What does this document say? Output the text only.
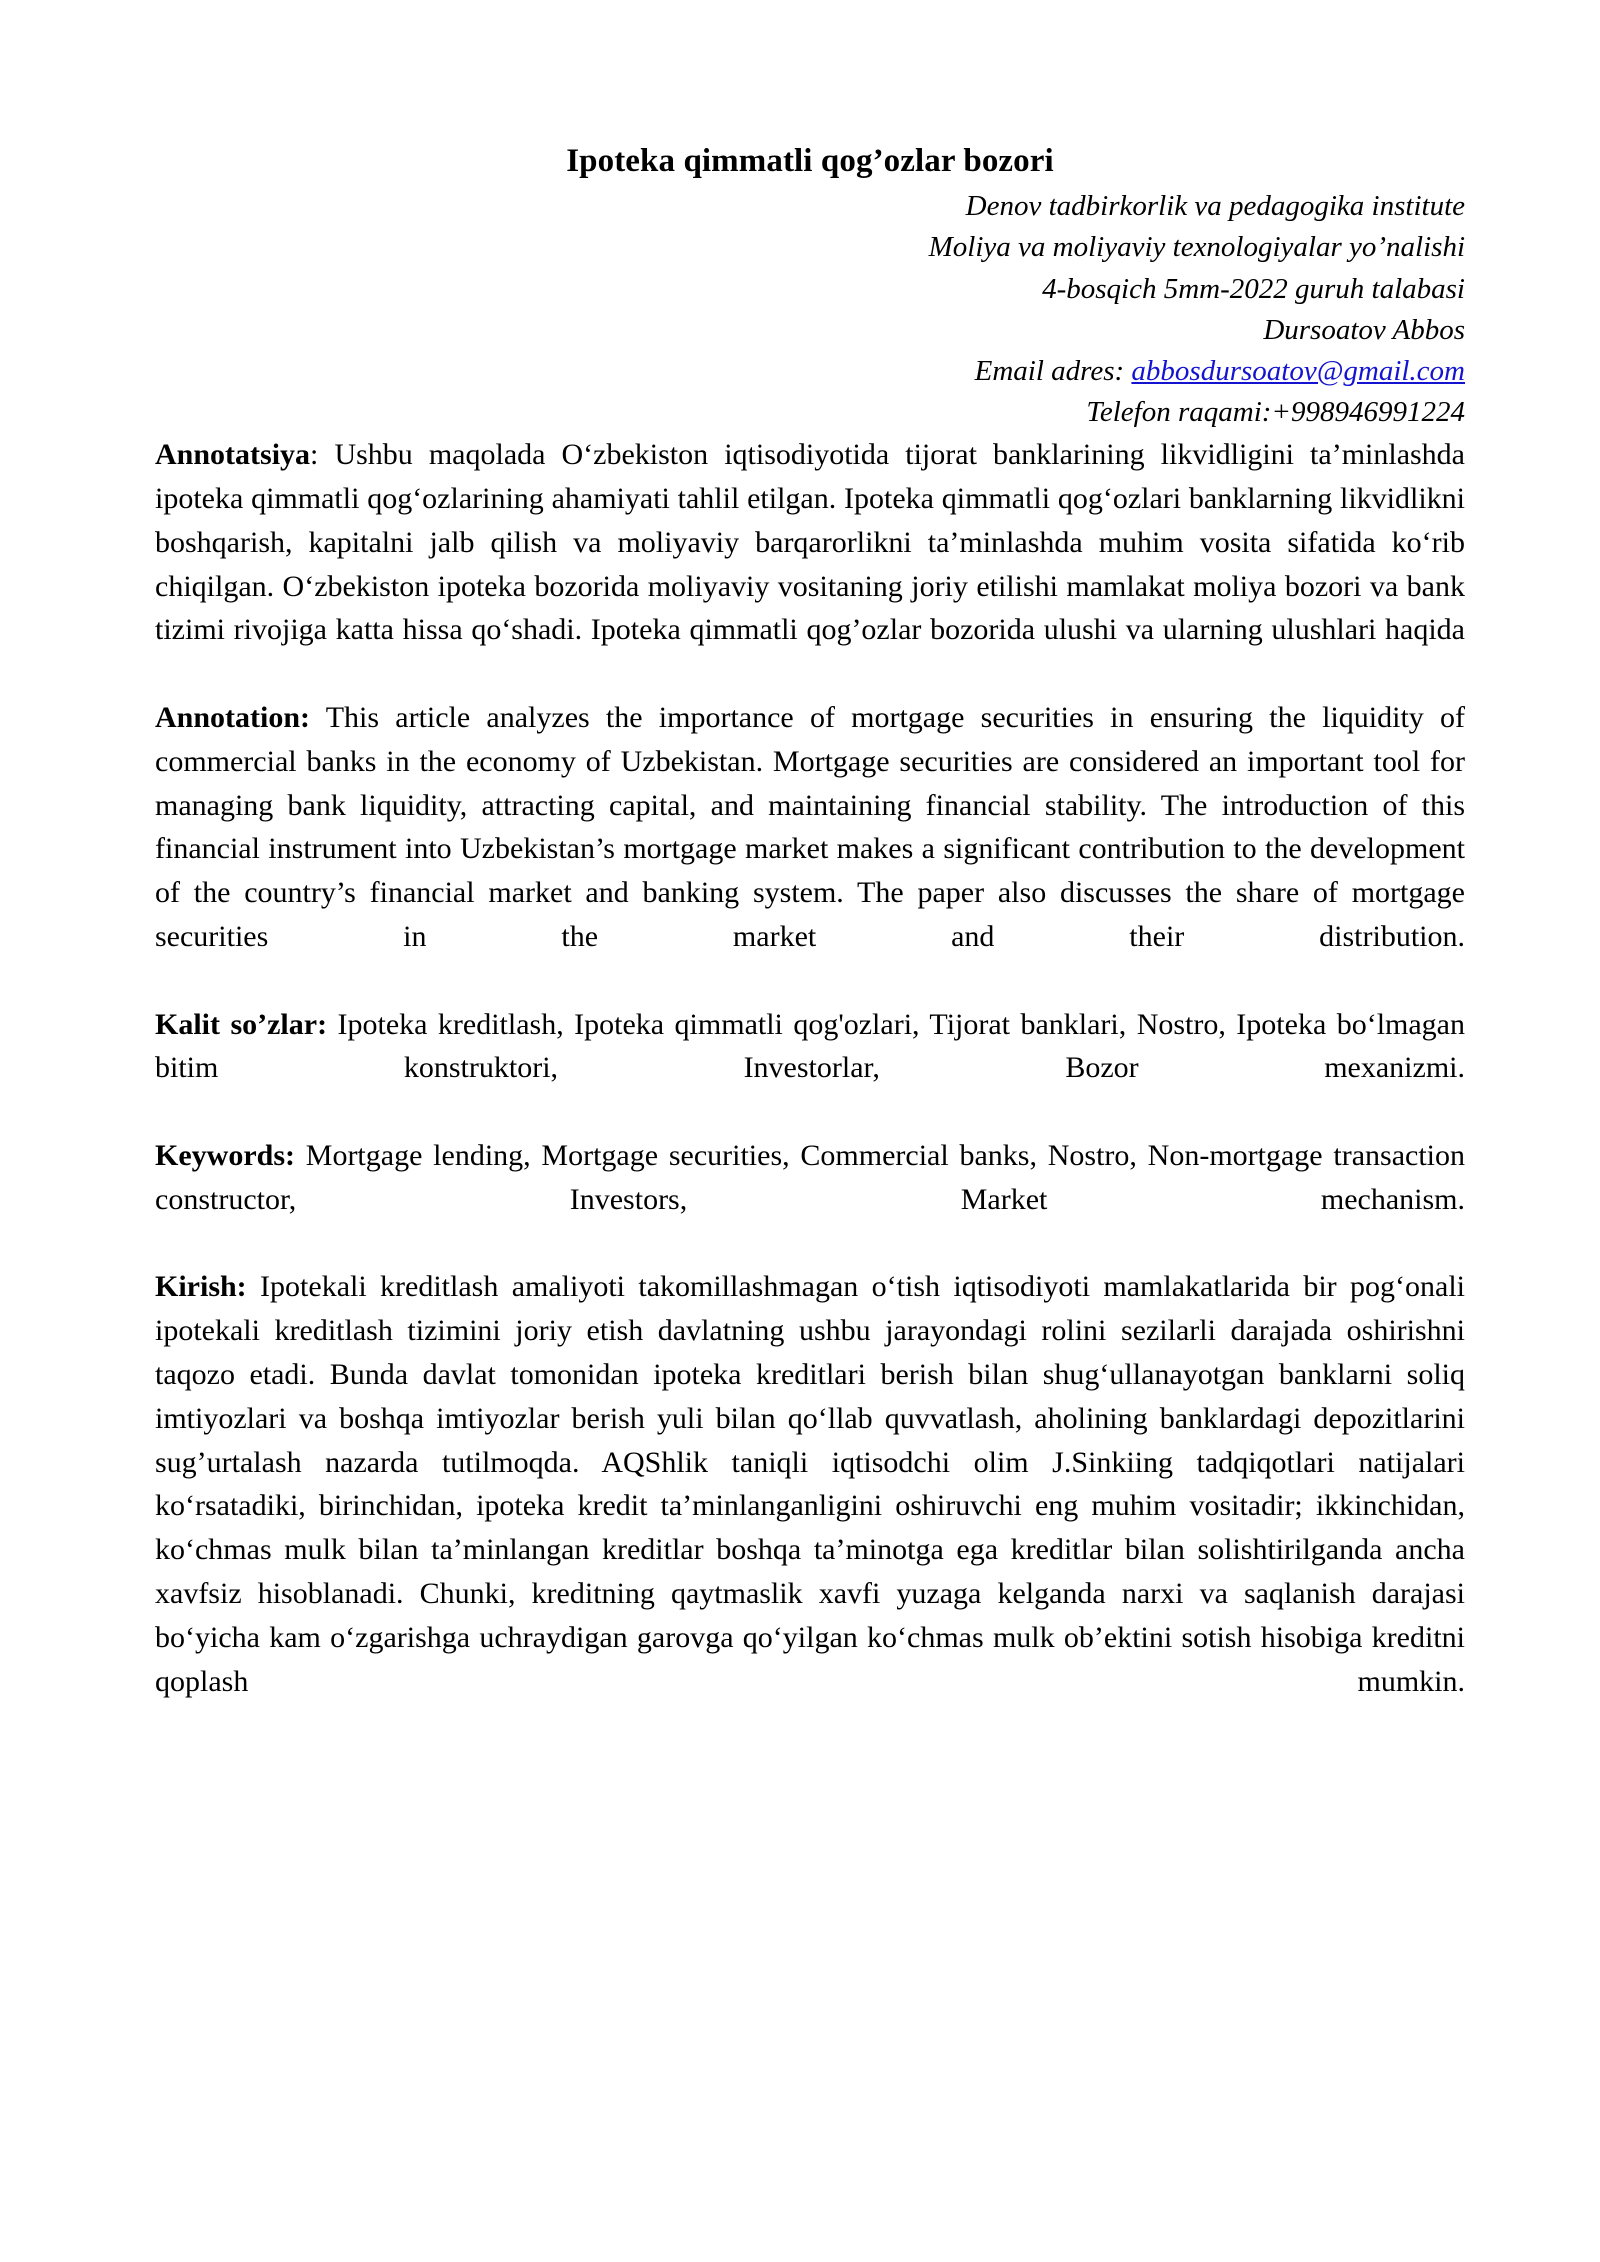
Ipoteka qimmatli qog’ozlar bozori
Denov tadbirkorlik va pedagogika institute
Moliya va moliyaviy texnologiyalar yo’nalishi
4-bosqich 5mm-2022 guruh talabasi
Dursoatov Abbos
Email adres: abbosdursoatov@gmail.com
Telefon raqami:+998946991224

Annotatsiya: Ushbu maqolada O‘zbekiston iqtisodiyotida tijorat banklarining likvidligini ta’minlashda ipoteka qimmatli qog‘ozlarining ahamiyati tahlil etilgan. Ipoteka qimmatli qog‘ozlari banklarning likvidlikni boshqarish, kapitalni jalb qilish va moliyaviy barqarorlikni ta’minlashda muhim vosita sifatida ko‘rib chiqilgan. O‘zbekiston ipoteka bozorida moliyaviy vositaning joriy etilishi mamlakat moliya bozori va bank tizimi rivojiga katta hissa qo‘shadi. Ipoteka qimmatli qog’ozlar bozorida ulushi va ularning ulushlari haqida

Annotation: This article analyzes the importance of mortgage securities in ensuring the liquidity of commercial banks in the economy of Uzbekistan. Mortgage securities are considered an important tool for managing bank liquidity, attracting capital, and maintaining financial stability. The introduction of this financial instrument into Uzbekistan’s mortgage market makes a significant contribution to the development of the country’s financial market and banking system. The paper also discusses the share of mortgage securities in the market and their distribution.

Kalit so’zlar: Ipoteka kreditlash, Ipoteka qimmatli qog'ozlari, Tijorat banklari, Nostro, Ipoteka bo‘lmagan bitim konstruktori, Investorlar, Bozor mexanizmi.

Keywords: Mortgage lending, Mortgage securities, Commercial banks, Nostro, Non-mortgage transaction constructor, Investors, Market mechanism.

Kirish: Ipotekali kreditlash amaliyoti takomillashmagan o‘tish iqtisodiyoti mamlakatlarida bir pog‘onali ipotekali kreditlash tizimini joriy etish davlatning ushbu jarayondagi rolini sezilarli darajada oshirishni taqozo etadi. Bunda davlat tomonidan ipoteka kreditlari berish bilan shug‘ullanayotgan banklarni soliq imtiyozlari va boshqa imtiyozlar berish yuli bilan qo‘llab quvvatlash, aholining banklardagi depozitlarini sug’urtalash nazarda tutilmoqda. AQShlik taniqli iqtisodchi olim J.Sinkiing tadqiqotlari natijalari ko‘rsatadiki, birinchidan, ipoteka kredit ta’minlanganligini oshiruvchi eng muhim vositadir; ikkinchidan, ko‘chmas mulk bilan ta’minlangan kreditlar boshqa ta’minotga ega kreditlar bilan solishtirilganda ancha xavfsiz hisoblanadi. Chunki, kreditning qaytmaslik xavfi yuzaga kelganda narxi va saqlanish darajasi bo‘yicha kam o‘zgarishga uchraydigan garovga qo‘yilgan ko‘chmas mulk ob’ektini sotish hisobiga kreditni qoplash mumkin.
